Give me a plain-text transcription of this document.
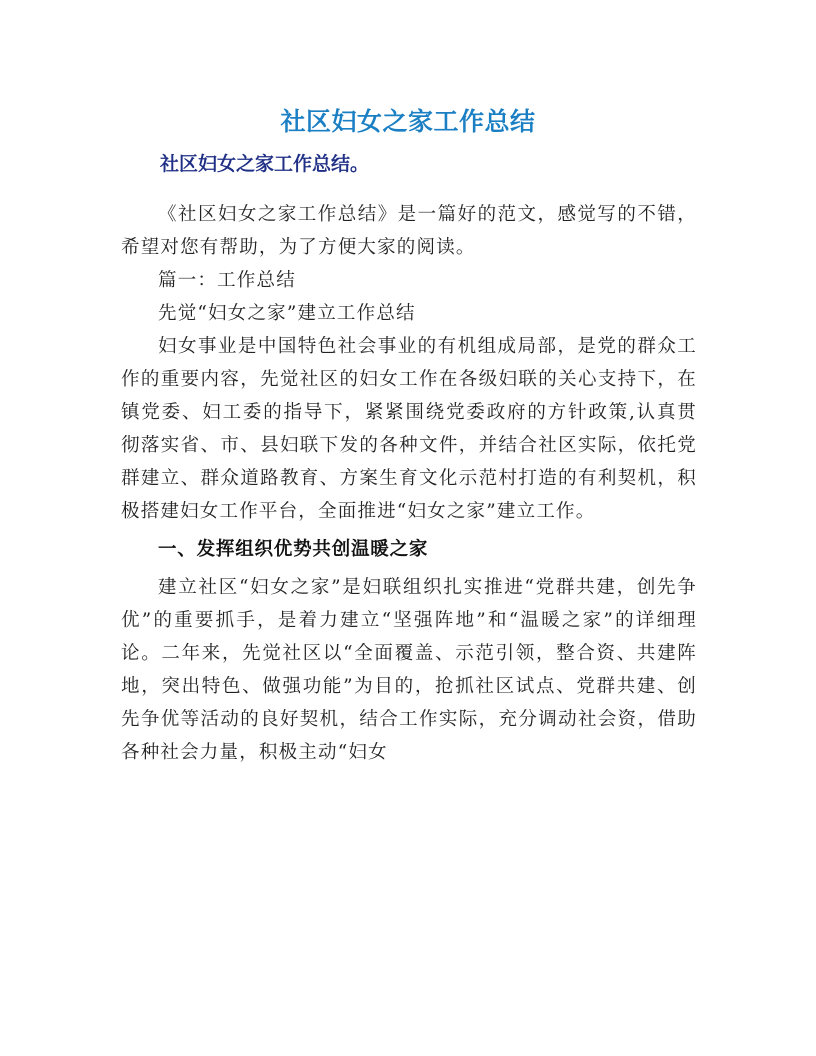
社区妇女之家工作总结
社区妇女之家工作总结。

《社区妇女之家工作总结》是一篇好的范文，感觉写的不错，希望对您有帮助，为了方便大家的阅读。

篇一：工作总结

先觉“妇女之家”建立工作总结

妇女事业是中国特色社会事业的有机组成局部，是党的群众工作的重要内容，先觉社区的妇女工作在各级妇联的关心支持下，在镇党委、妇工委的指导下，紧紧围绕党委政府的方针政策,认真贯彻落实省、市、县妇联下发的各种文件，并结合社区实际，依托党群建立、群众道路教育、方案生育文化示范村打造的有利契机，积极搭建妇女工作平台，全面推进“妇女之家”建立工作。

一、发挥组织优势共创温暖之家

建立社区“妇女之家”是妇联组织扎实推进“党群共建，创先争优”的重要抓手，是着力建立“坚强阵地”和“温暖之家”的详细理论。二年来，先觉社区以“全面覆盖、示范引领，整合资、共建阵地，突出特色、做强功能”为目的，抢抓社区试点、党群共建、创先争优等活动的良好契机，结合工作实际，充分调动社会资，借助各种社会力量，积极主动“妇女
